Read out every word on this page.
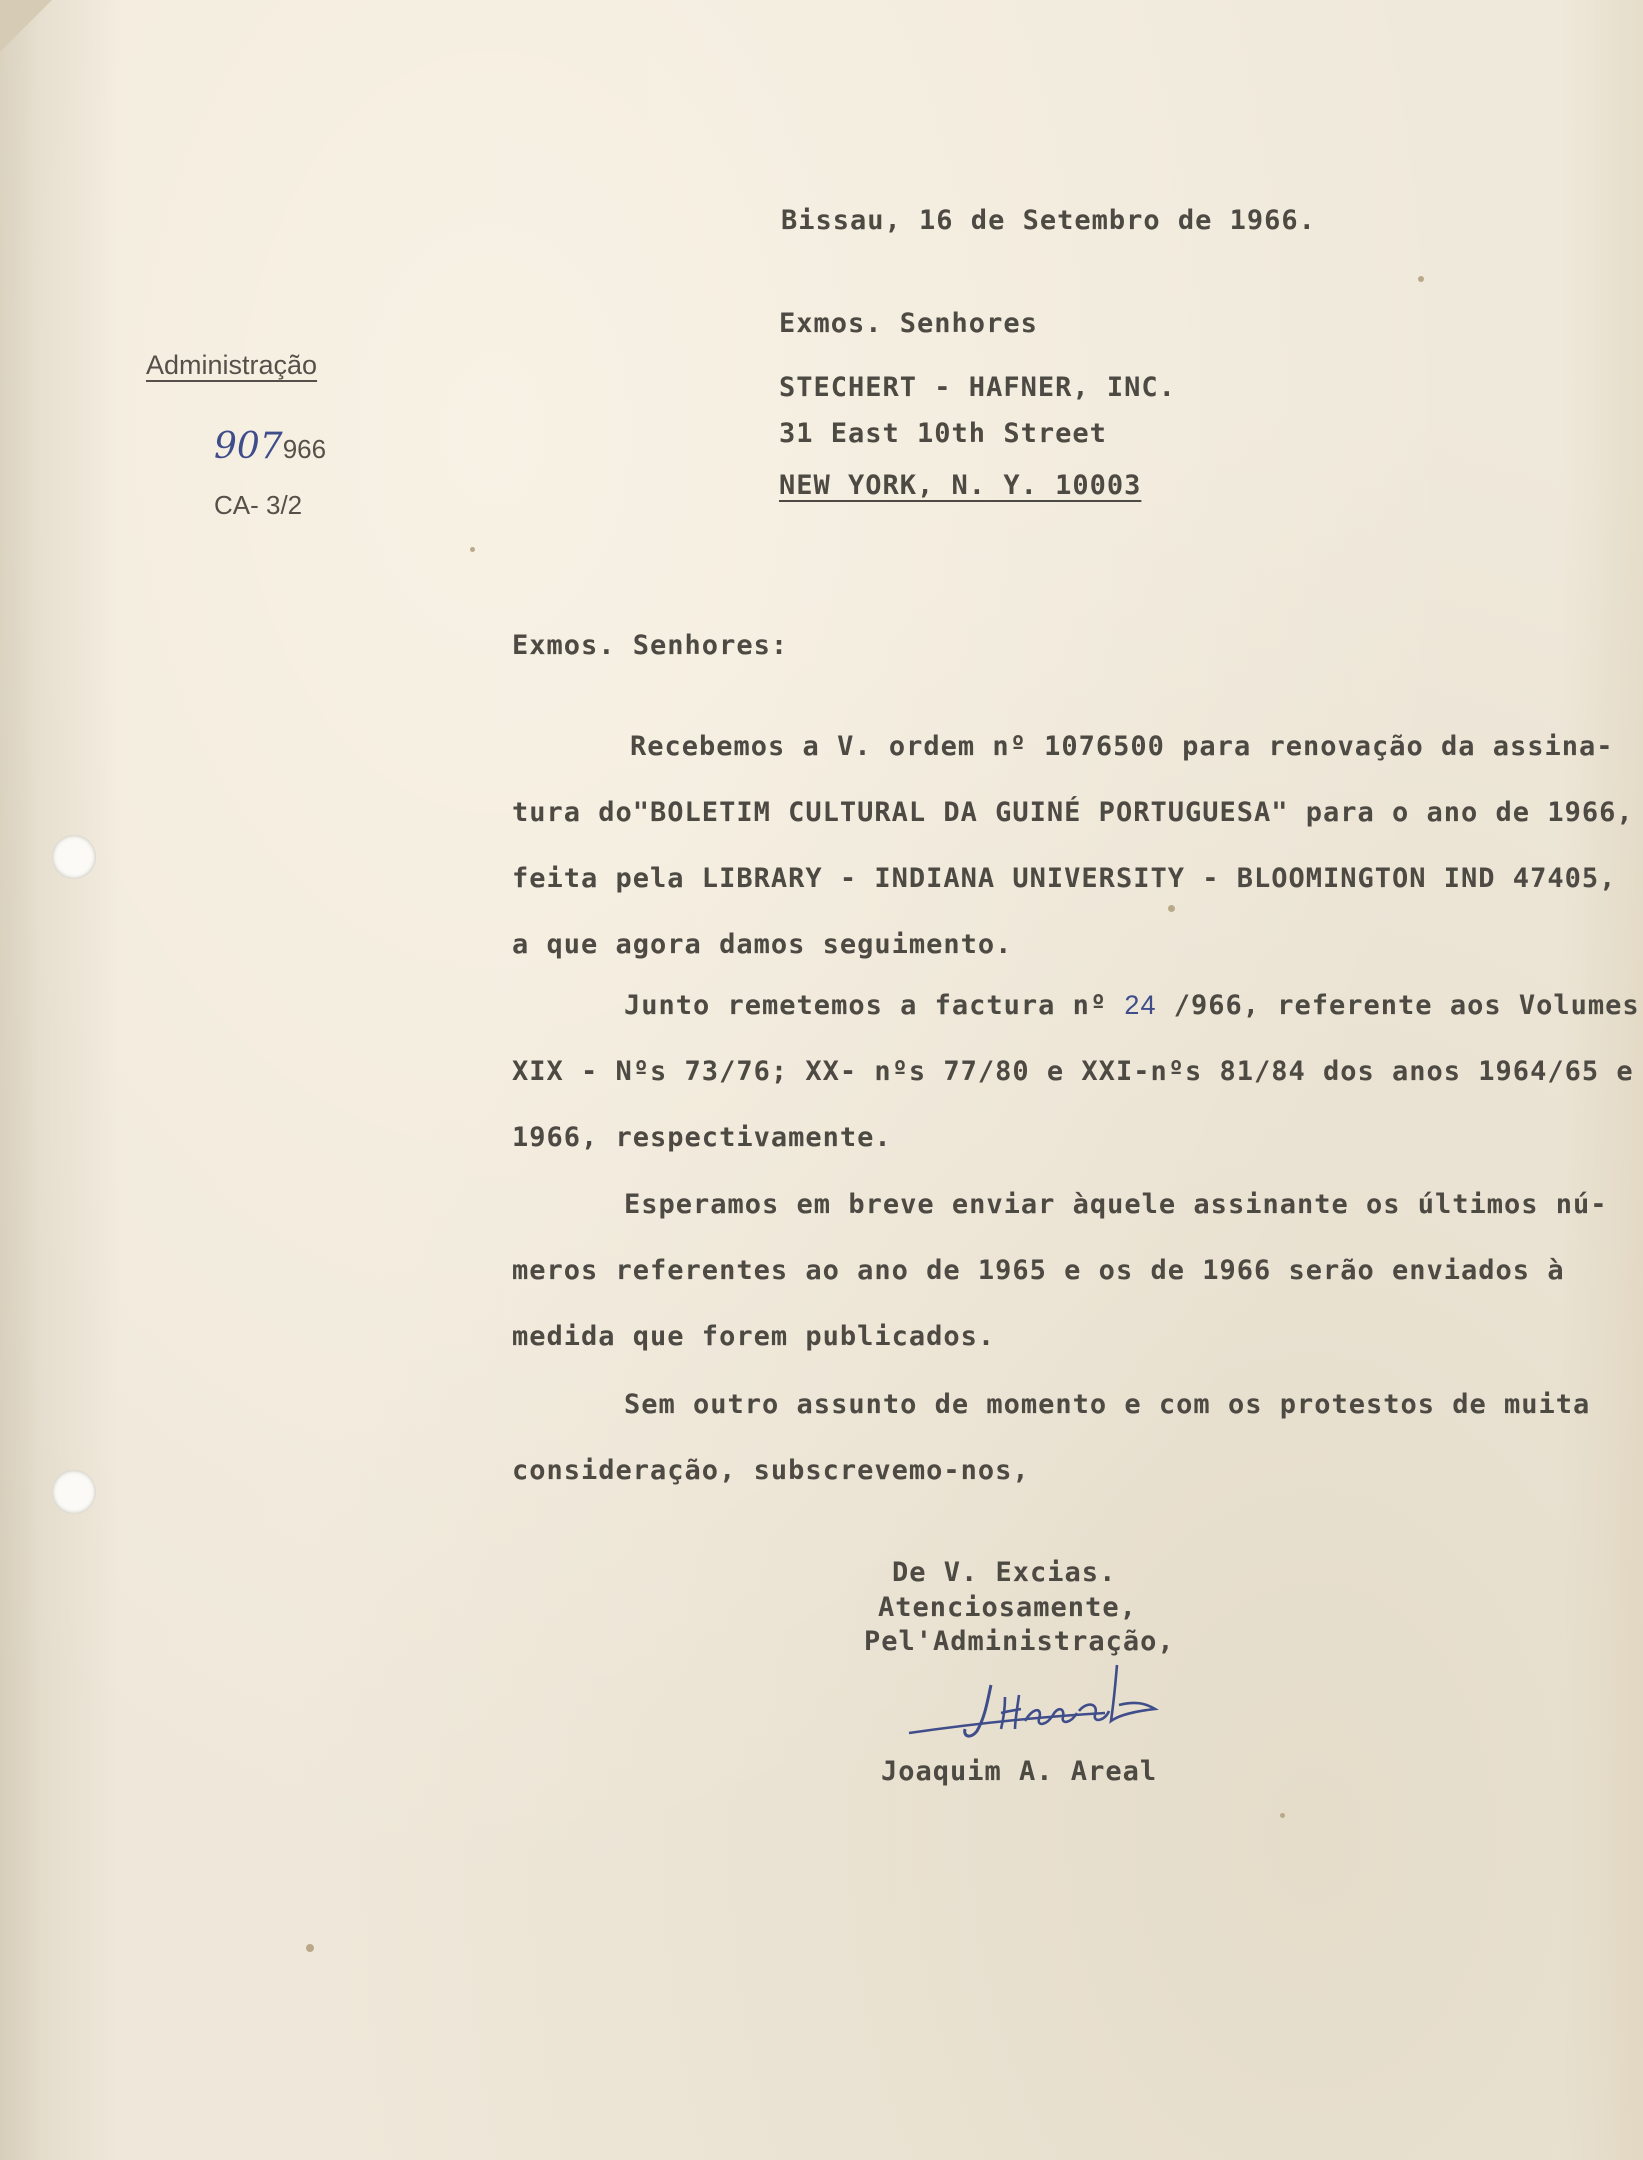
Bissau, 16 de Setembro de 1966.
Exmos. Senhores
STECHERT - HAFNER, INC.
31 East 10th Street
NEW YORK, N. Y. 10003
Administração
907966
CA- 3/2
Exmos. Senhores:
Recebemos a V. ordem nº 1076500 para renovação da assina-
tura do"BOLETIM CULTURAL DA GUINÉ PORTUGUESA" para o ano de 1966,
feita pela LIBRARY - INDIANA UNIVERSITY - BLOOMINGTON IND 47405,
a que agora damos seguimento.
Junto remetemos a factura nº 24 /966, referente aos Volumes
XIX - Nºs 73/76; XX- nºs 77/80 e XXI-nºs 81/84 dos anos 1964/65 e
1966, respectivamente.
Esperamos em breve enviar àquele assinante os últimos nú-
meros referentes ao ano de 1965 e os de 1966 serão enviados à
medida que forem publicados.
Sem outro assunto de momento e com os protestos de muita
consideração, subscrevemo-nos,
De V. Excias.
Atenciosamente,
Pel'Administração,
Joaquim A. Areal
